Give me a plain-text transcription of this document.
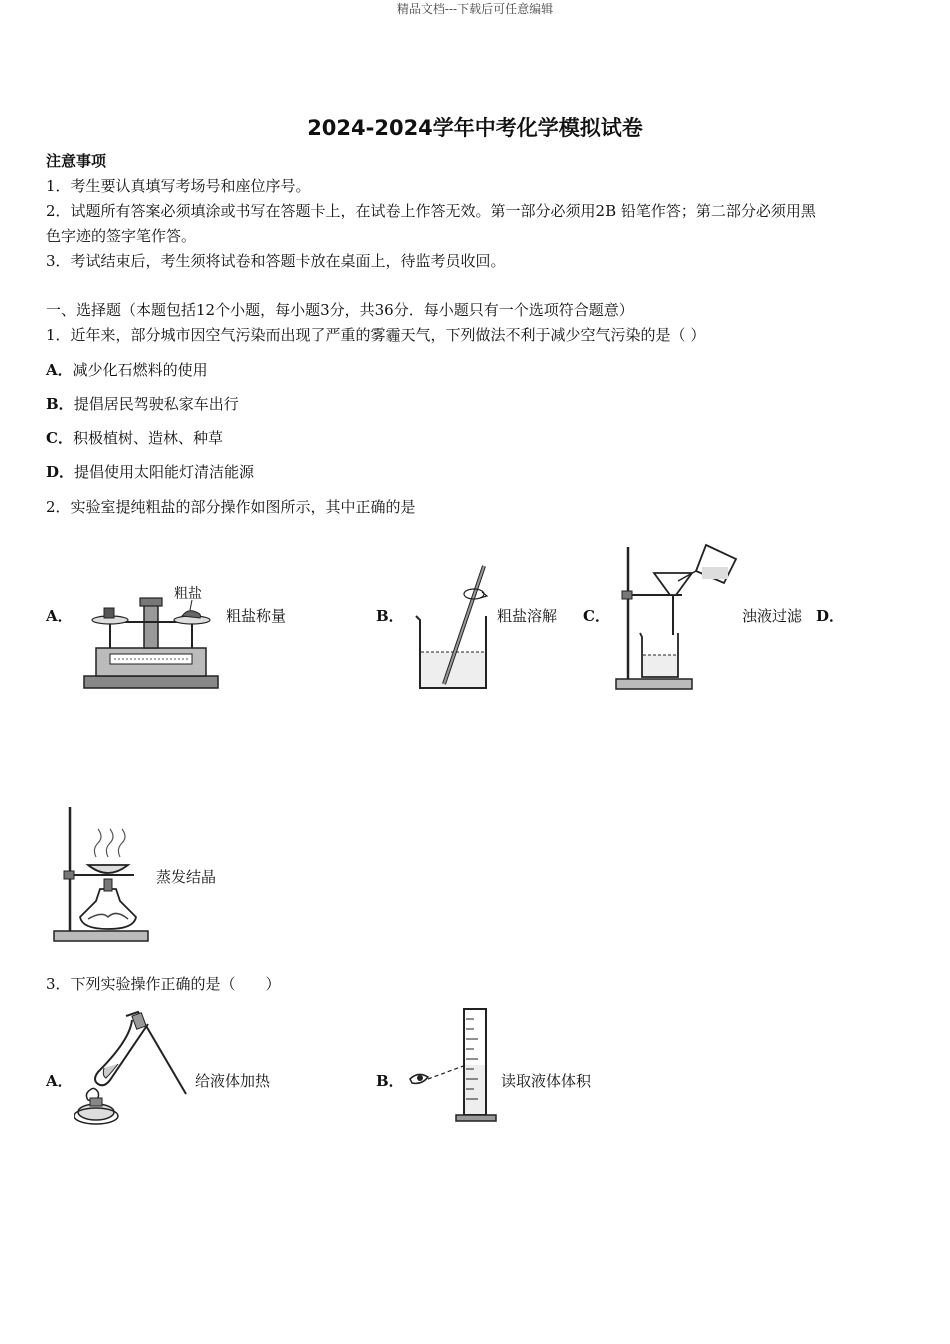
精品文档---下载后可任意编辑
2024-2024学年中考化学模拟试卷
注意事项
1．考生要认真填写考场号和座位序号。
2．试题所有答案必须填涂或书写在答题卡上，在试卷上作答无效。第一部分必须用2B 铅笔作答；第二部分必须用黑
色字迹的签字笔作答。
3．考试结束后，考生须将试卷和答题卡放在桌面上，待监考员收回。
一、选择题（本题包括12个小题，每小题3分，共36分．每小题只有一个选项符合题意）
1．近年来，部分城市因空气污染而出现了严重的雾霾天气，下列做法不利于减少空气污染的是（ ）
A．减少化石燃料的使用
B．提倡居民驾驶私家车出行
C．积极植树、造林、种草
D．提倡使用太阳能灯清洁能源
2．实验室提纯粗盐的部分操作如图所示，其中正确的是
A．
粗盐
粗盐称量	B．	粗盐溶解 C．	浊液过滤 D．
蒸发结晶
3．下列实验操作正确的是（　　）
A．	给液体加热	B．	读取液体体积
